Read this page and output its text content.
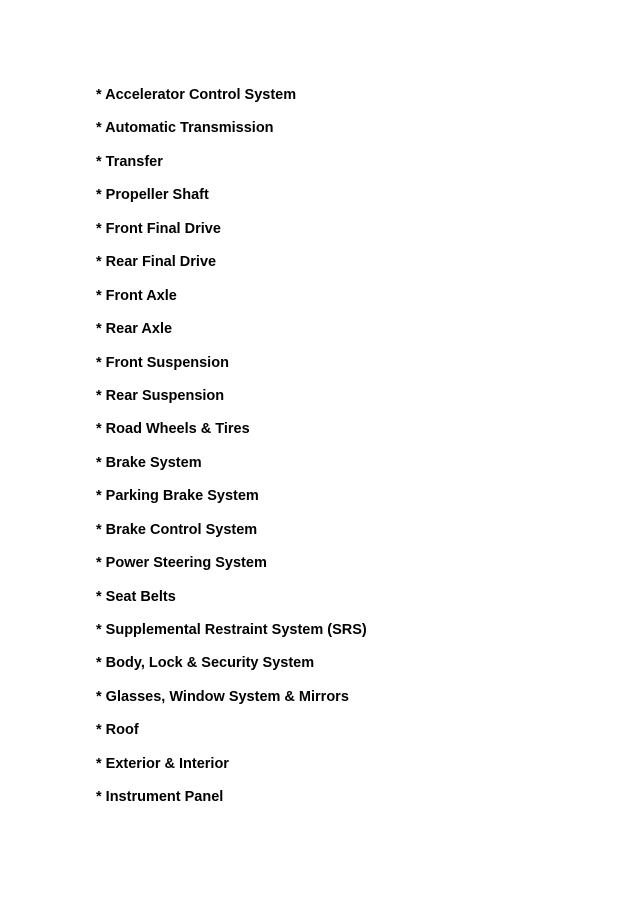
* Accelerator Control System
* Automatic Transmission
* Transfer
* Propeller Shaft
* Front Final Drive
* Rear Final Drive
* Front Axle
* Rear Axle
* Front Suspension
* Rear Suspension
* Road Wheels & Tires
* Brake System
* Parking Brake System
* Brake Control System
* Power Steering System
* Seat Belts
* Supplemental Restraint System (SRS)
* Body, Lock & Security System
* Glasses, Window System & Mirrors
* Roof
* Exterior & Interior
* Instrument Panel
